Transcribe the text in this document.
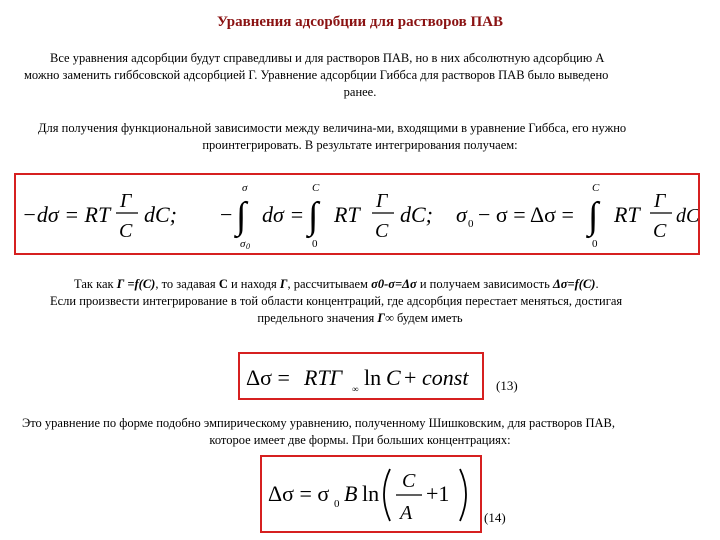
Уравнения адсорбции для растворов ПАВ
Все уравнения адсорбции будут справедливы и для растворов ПАВ, но в них абсолютную адсорбцию А
можно заменить гиббсовской адсорбцией Г. Уравнение адсорбции Гиббса для растворов ПАВ было выведено
ранее.
Для получения функциональной зависимости между величина-ми, входящими в уравнение Гиббса, его нужно
проинтегрировать. В результате интегрирования получаем:
−dσ = RT
Γ
C
dC; − ∫
σ
σ 0
dσ = ∫
C
0
RT
Γ
C
dC; σ 0 − σ = Δσ = ∫
C
0
RT
Γ
C
dC
Так как Г =f(С), то задавая С и находя Г, рассчитываем σ0-σ=Δσ и получаем зависимость Δσ=f(С).
Если произвести интегрирование в той области концентраций, где адсорбция перестает меняться, достигая
предельного значения Г∞ будем иметь
Δσ = RTΓ ∞ ln C + const (13)
Это уравнение по форме подобно эмпирическому уравнению, полученному Шишковским, для растворов ПАВ,
которое имеет две формы. При больших концентрациях:
Δσ = σ 0 B ln C
A
+1
(14)
